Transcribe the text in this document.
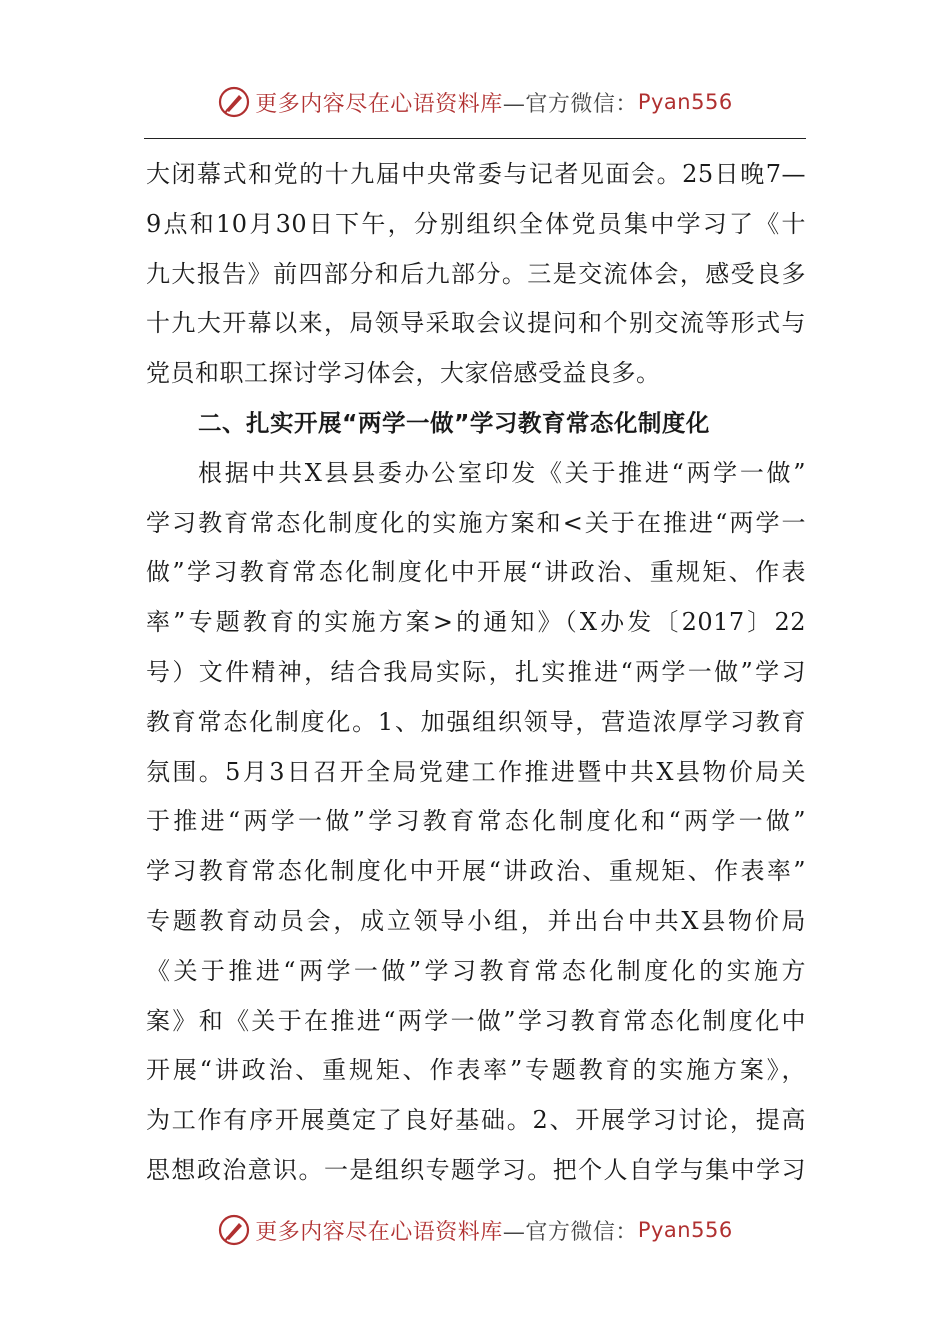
更多内容尽在心语资料库 —官方微信： Pyan556
大闭幕式和党的十九届中央常委与记者见面会。25日晚7—
9点和10月30日下午，分别组织全体党员集中学习了《十
九大报告》前四部分和后九部分。三是交流体会，感受良多
十九大开幕以来，局领导采取会议提问和个别交流等形式与
党员和职工探讨学习体会，大家倍感受益良多。
二、扎实开展“两学一做”学习教育常态化制度化
根据中共X县县委办公室印发《关于推进“两学一做”
学习教育常态化制度化的实施方案和<关于在推进“两学一
做”学习教育常态化制度化中开展“讲政治、重规矩、作表
率”专题教育的实施方案>的通知》（X办发〔2017〕22
号）文件精神，结合我局实际，扎实推进“两学一做”学习
教育常态化制度化。1、加强组织领导，营造浓厚学习教育
氛围。5月3日召开全局党建工作推进暨中共X县物价局关
于推进“两学一做”学习教育常态化制度化和“两学一做”
学习教育常态化制度化中开展“讲政治、重规矩、作表率”
专题教育动员会，成立领导小组，并出台中共X县物价局
《关于推进“两学一做”学习教育常态化制度化的实施方
案》和《关于在推进“两学一做”学习教育常态化制度化中
开展“讲政治、重规矩、作表率”专题教育的实施方案》，
为工作有序开展奠定了良好基础。2、开展学习讨论，提高
思想政治意识。一是组织专题学习。把个人自学与集中学习
更多内容尽在心语资料库 —官方微信： Pyan556
